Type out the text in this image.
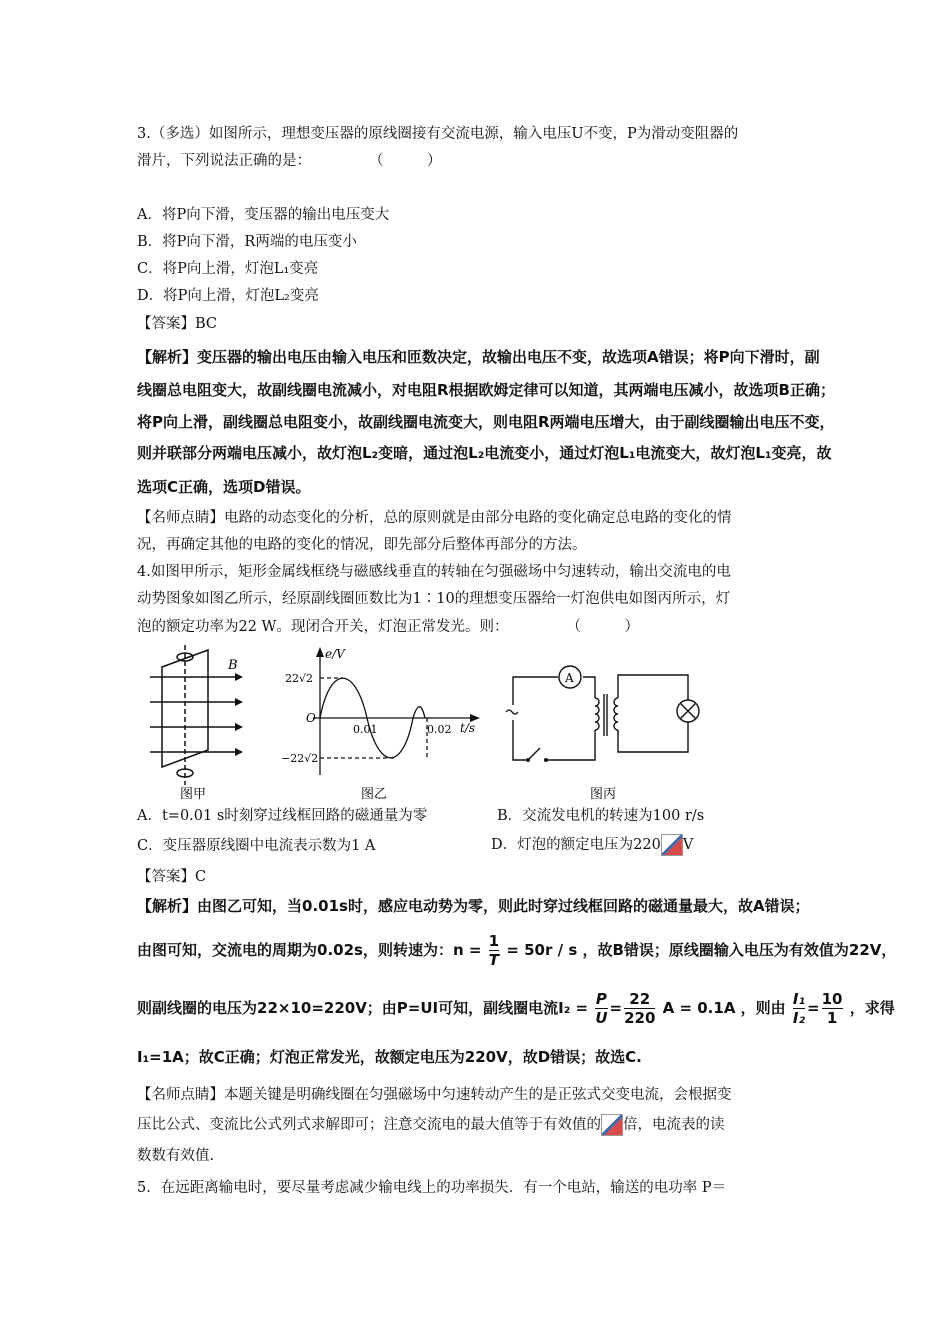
3.（多选）如图所示，理想变压器的原线圈接有交流电源，输入电压U不变，P为滑动变阻器的
滑片，下列说法正确的是：　　　　　（　　　）
A．将P向下滑，变压器的输出电压变大
B．将P向下滑，R两端的电压变小
C．将P向上滑，灯泡L₁变亮
D．将P向上滑，灯泡L₂变亮
【答案】BC
【解析】变压器的输出电压由输入电压和匝数决定，故输出电压不变，故选项A错误；将P向下滑时，副
线圈总电阻变大，故副线圈电流减小，对电阻R根据欧姆定律可以知道，其两端电压减小，故选项B正确；
将P向上滑，副线圈总电阻变小，故副线圈电流变大，则电阻R两端电压增大，由于副线圈输出电压不变，
则并联部分两端电压减小，故灯泡L₂变暗，通过泡L₂电流变小，通过灯泡L₁电流变大，故灯泡L₁变亮，故
选项C正确，选项D错误。
【名师点睛】电路的动态变化的分析，总的原则就是由部分电路的变化确定总电路的变化的情
况，再确定其他的电路的变化的情况，即先部分后整体再部分的方法。
4.如图甲所示，矩形金属线框绕与磁感线垂直的转轴在匀强磁场中匀速转动，输出交流电的电
动势图象如图乙所示，经原副线圈匝数比为1∶10的理想变压器给一灯泡供电如图丙所示，灯
泡的额定功率为22 W。现闭合开关，灯泡正常发光。则：　　　　　（　　　）
B
图甲
e/V
t/s
O
22√2
−22√2
0.01	0.02
图乙
A
图丙
A．t=0.01 s时刻穿过线框回路的磁通量为零	B．交流发电机的转速为100 r/s
C．变压器原线圈中电流表示数为1 A	D．灯泡的额定电压为220 V
【答案】C
【解析】由图乙可知，当0.01s时，感应电动势为零，则此时穿过线框回路的磁通量最大，故A错误；
由图可知，交流电的周期为0.02s，则转速为：$n = \frac{1}{T} = 50r / s$ ，故B错误；原线圈输入电压为有效值为22V，
则副线圈的电压为22×10=220V；由P=UI可知，副线圈电流$I_2 = \frac{P}{U} = \frac{22}{220}$ A = 0.1A ，则由 $\frac{\text{I₁}}{\text{I₂}} = \frac{10}{1}$ ，求得
I₁=1A；故C正确；灯泡正常发光，故额定电压为220V，故D错误；故选C.
【名师点睛】本题关键是明确线圈在匀强磁场中匀速转动产生的是正弦式交变电流，会根据变
压比公式、变流比公式列式求解即可；注意交流电的最大值等于有效值的 倍，电流表的读
数数有效值.
5．在远距离输电时，要尽量考虑减少输电线上的功率损失．有一个电站，输送的电功率 P＝
